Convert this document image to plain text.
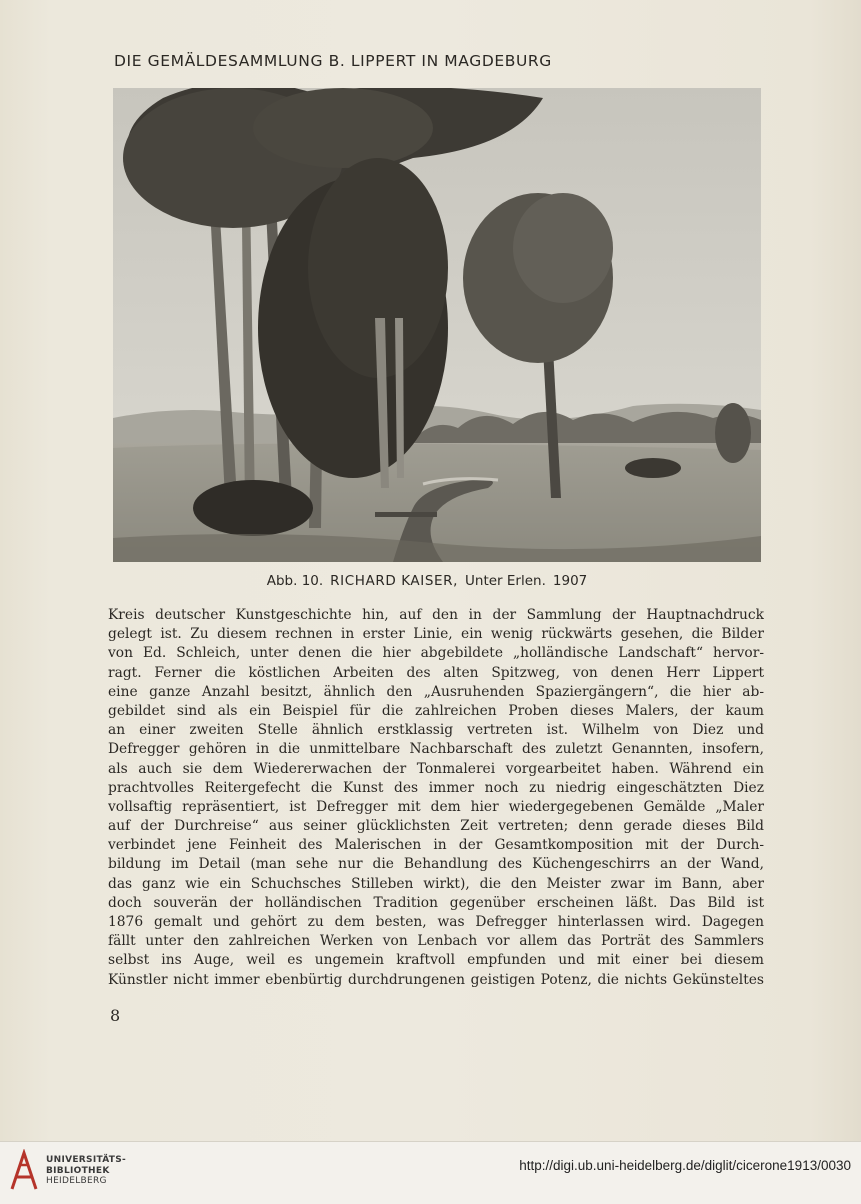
DIE GEMÄLDESAMMLUNG B. LIPPERT IN MAGDEBURG
Abb. 10. RICHARD KAISER, Unter Erlen. 1907
Kreis deutscher Kunstgeschichte hin, auf den in der Sammlung der Hauptnachdruck
gelegt ist. Zu diesem rechnen in erster Linie, ein wenig rückwärts gesehen, die Bilder
von Ed. Schleich, unter denen die hier abgebildete „holländische Landschaft“ hervor-
ragt. Ferner die köstlichen Arbeiten des alten Spitzweg, von denen Herr Lippert
eine ganze Anzahl besitzt, ähnlich den „Ausruhenden Spaziergängern“, die hier ab-
gebildet sind als ein Beispiel für die zahlreichen Proben dieses Malers, der kaum
an einer zweiten Stelle ähnlich erstklassig vertreten ist. Wilhelm von Diez und
Defregger gehören in die unmittelbare Nachbarschaft des zuletzt Genannten, insofern,
als auch sie dem Wiedererwachen der Tonmalerei vorgearbeitet haben. Während ein
prachtvolles Reitergefecht die Kunst des immer noch zu niedrig eingeschätzten Diez
vollsaftig repräsentiert, ist Defregger mit dem hier wiedergegebenen Gemälde „Maler
auf der Durchreise“ aus seiner glücklichsten Zeit vertreten; denn gerade dieses Bild
verbindet jene Feinheit des Malerischen in der Gesamtkomposition mit der Durch-
bildung im Detail (man sehe nur die Behandlung des Küchengeschirrs an der Wand,
das ganz wie ein Schuchsches Stilleben wirkt), die den Meister zwar im Bann, aber
doch souverän der holländischen Tradition gegenüber erscheinen läßt. Das Bild ist
1876 gemalt und gehört zu dem besten, was Defregger hinterlassen wird. Dagegen
fällt unter den zahlreichen Werken von Lenbach vor allem das Porträt des Sammlers
selbst ins Auge, weil es ungemein kraftvoll empfunden und mit einer bei diesem
Künstler nicht immer ebenbürtig durchdrungenen geistigen Potenz, die nichts Gekünsteltes
8
UNIVERSITÄTS-
BIBLIOTHEK
HEIDELBERG
http://digi.ub.uni-heidelberg.de/diglit/cicerone1913/0030
